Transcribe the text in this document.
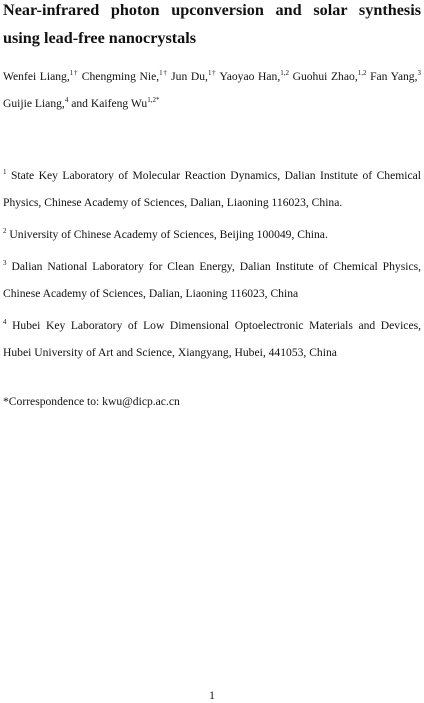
Near-infrared photon upconversion and solar synthesis using lead-free nanocrystals

Wenfei Liang,$^{1\dagger}$ Chengming Nie,$^{1\dagger}$ Jun Du,$^{1\dagger}$ Yaoyao Han,$^{1,2}$ Guohui Zhao,$^{1,2}$ Fan Yang,$^3$ Guijie Liang,$^4$ and Kaifeng $Wu^{1,2*}$

$^1$ State Key Laboratory of Molecular Reaction Dynamics, Dalian Institute of Chemical Physics, Chinese Academy of Sciences, Dalian, Liaoning 116023, China.

$^2$ University of Chinese Academy of Sciences, Beijing 100049, China.

$^3$ Dalian National Laboratory for Clean Energy, Dalian Institute of Chemical Physics, Chinese Academy of Sciences, Dalian, Liaoning 116023, China

$^4$ Hubei Key Laboratory of Low Dimensional Optoelectronic Materials and Devices, Hubei University of Art and Science, Xiangyang, Hubei, 441053, China

*Correspondence to: kwu@dicp.ac.cn

1
